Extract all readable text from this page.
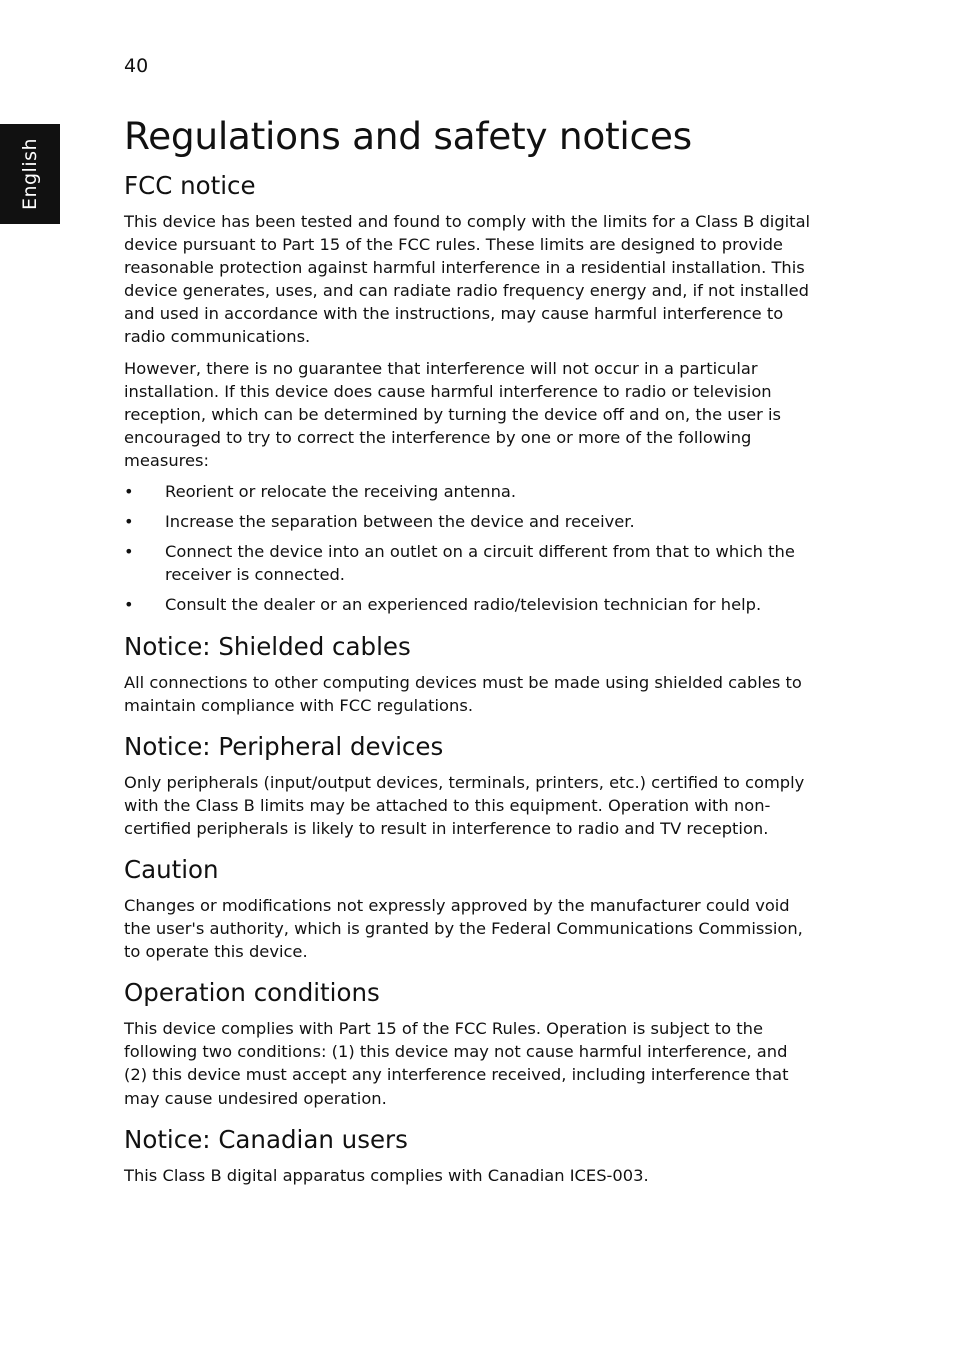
40
English
Regulations and safety notices
FCC notice

This device has been tested and found to comply with the limits for a Class B digital device pursuant to Part 15 of the FCC rules. These limits are designed to provide reasonable protection against harmful interference in a residential installation. This device generates, uses, and can radiate radio frequency energy and, if not installed and used in accordance with the instructions, may cause harmful interference to radio communications.

However, there is no guarantee that interference will not occur in a particular installation. If this device does cause harmful interference to radio or television reception, which can be determined by turning the device off and on, the user is encouraged to try to correct the interference by one or more of the following measures:

• Reorient or relocate the receiving antenna.
• Increase the separation between the device and receiver.
• Connect the device into an outlet on a circuit different from that to which the receiver is connected.
• Consult the dealer or an experienced radio/television technician for help.
Notice: Shielded cables

All connections to other computing devices must be made using shielded cables to maintain compliance with FCC regulations.

Notice: Peripheral devices

Only peripherals (input/output devices, terminals, printers, etc.) certified to comply with the Class B limits may be attached to this equipment. Operation with non-certified peripherals is likely to result in interference to radio and TV reception.

Caution

Changes or modifications not expressly approved by the manufacturer could void the user's authority, which is granted by the Federal Communications Commission, to operate this device.

Operation conditions

This device complies with Part 15 of the FCC Rules. Operation is subject to the following two conditions: (1) this device may not cause harmful interference, and (2) this device must accept any interference received, including interference that may cause undesired operation.

Notice: Canadian users

This Class B digital apparatus complies with Canadian ICES-003.
